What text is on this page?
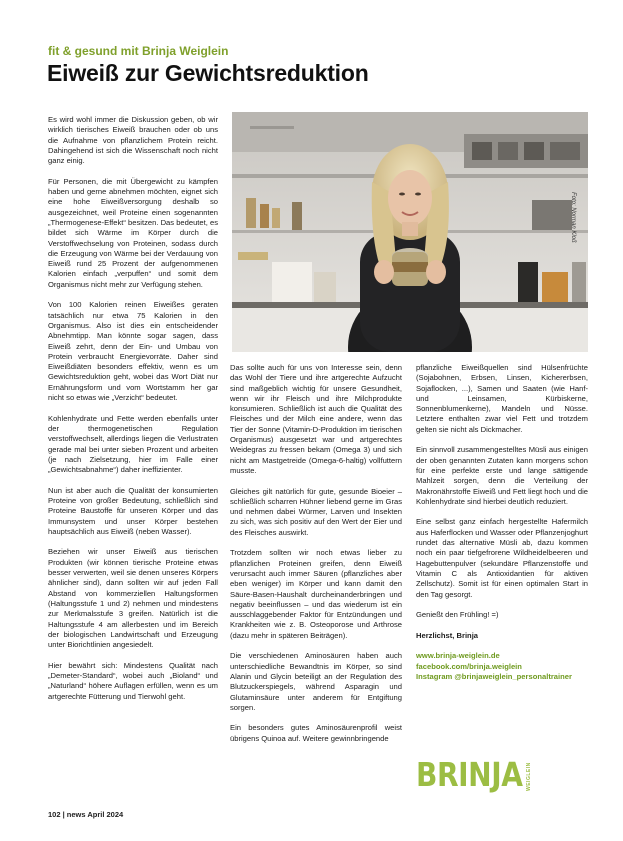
fit & gesund mit Brinja Weiglein
Eiweiß zur Gewichtsreduktion

Es wird wohl immer die Diskussion geben, ob wir wirklich tierisches Eiweiß brauchen oder ob uns die Aufnahme von pflanzlichem Protein reicht. Dahingehend ist sich die Wissenschaft noch nicht ganz einig.

Für Personen, die mit Übergewicht zu kämpfen haben und gerne abnehmen möchten, eignet sich eine hohe Eiweißversorgung deshalb so ausgezeichnet, weil Proteine einen sogenannten „Thermogenese-Effekt“ besitzen. Das bedeutet, es bildet sich Wärme im Körper durch die Verstoffwechselung von Proteinen, sodass durch die Erzeugung von Wärme bei der Verdauung von Eiweiß rund 25 Prozent der aufgenommenen Kalorien einfach „verpuffen“ und somit dem Organismus nicht mehr zur Verfügung stehen.

Von 100 Kalorien reinen Eiweißes geraten tatsächlich nur etwa 75 Kalorien in den Organismus. Also ist dies ein entscheidender Abnehmtipp. Man könnte sogar sagen, dass Eiweiß zehrt, denn der Ein- und Umbau von Protein verbraucht Energievorräte. Daher sind Eiweißdiäten besonders effektiv, wenn es um Gewichtsreduktion geht, wobei das Wort Diät nur Ernährungsform und vom Wortstamm her gar nicht so etwas wie „Verzicht“ bedeutet.

Kohlenhydrate und Fette werden ebenfalls unter der thermogenetischen Regulation verstoffwechselt, allerdings liegen die Verlustraten gerade mal bei unter sieben Prozent und arbeiten (je nach Zielsetzung, hier im Falle einer „Gewichtsabnahme“) daher ineffizienter.

Nun ist aber auch die Qualität der konsumierten Proteine von großer Bedeutung, schließlich sind Proteine Baustoffe für unseren Körper und das Immunsystem und unser Körper bestehen hauptsächlich aus Eiweiß (neben Wasser).

Beziehen wir unser Eiweiß aus tierischen Produkten (wir können tierische Proteine etwas besser verwerten, weil sie denen unseres Körpers ähnlicher sind), dann sollten wir auf jeden Fall Abstand von kommerziellen Haltungsformen (Haltungsstufe 1 und 2) nehmen und mindestens zur Merkmalsstufe 3 greifen. Natürlich ist die Haltungsstufe 4 am allerbesten und im Bereich der biologischen Landwirtschaft und Erzeugung unter Biorichtlinien angesiedelt.

Hier bewährt sich: Mindestens Qualität nach „Demeter-Standard“, wobei auch „Bioland“ und „Naturland“ höhere Auflagen erfüllen, wenn es um artgerechte Fütterung und Tierwohl geht.

Foto: Norman Kloß

Das sollte auch für uns von Interesse sein, denn das Wohl der Tiere und ihre artgerechte Aufzucht sind maßgeblich wichtig für unsere Gesundheit, wenn wir ihr Fleisch und ihre Milchprodukte konsumieren. Schließlich ist auch die Qualität des Fleisches und der Milch eine andere, wenn das Tier der Sonne (Vitamin-D-Produktion im tierischen Organismus) ausgesetzt war und artgerechtes Weidegras zu fressen bekam (Omega 3) und sich nicht am Mastgetreide (Omega-6-haltig) vollfuttern musste.

Gleiches gilt natürlich für gute, gesunde Bioeier – schließlich scharren Hühner liebend gerne im Gras und nehmen dabei Würmer, Larven und Insekten zu sich, was sich positiv auf den Wert der Eier und des Fleisches auswirkt.

Trotzdem sollten wir noch etwas lieber zu pflanzlichen Proteinen greifen, denn Eiweiß verursacht auch immer Säuren (pflanzliches aber eben weniger) im Körper und kann damit den Säure-Basen-Haushalt durcheinanderbringen und negativ beeinflussen – und das wiederum ist ein ausschlaggebender Faktor für Entzündungen und Krankheiten wie z. B. Osteoporose und Arthrose (dazu mehr in späteren Beiträgen).

Die verschiedenen Aminosäuren haben auch unterschiedliche Bewandtnis im Körper, so sind Alanin und Glycin beteiligt an der Regulation des Blutzuckerspiegels, während Asparagin und Glutaminsäure unter anderem für Entgiftung sorgen.

Ein besonders gutes Aminosäurenprofil weist übrigens Quinoa auf. Weitere gewinnbringende

pflanzliche Eiweißquellen sind Hülsenfrüchte (Sojabohnen, Erbsen, Linsen, Kichererbsen, Sojaflocken, ...), Samen und Saaten (wie Hanf- und Leinsamen, Kürbiskerne, Sonnenblumenkerne), Mandeln und Nüsse. Letztere enthalten zwar viel Fett und trotzdem gelten sie nicht als Dickmacher.

Ein sinnvoll zusammengestelltes Müsli aus einigen der oben genannten Zutaten kann morgens schon für eine perfekte erste und lange sättigende Mahlzeit sorgen, denn die Verteilung der Makronährstoffe Eiweiß und Fett liegt hoch und die Kohlenhydrate sind hierbei deutlich reduziert.

Eine selbst ganz einfach hergestellte Hafermilch aus Haferflocken und Wasser oder Pflanzenjoghurt rundet das alternative Müsli ab, dazu kommen noch ein paar tiefgefrorene Wildheidelbeeren und Hagebuttenpulver (sekundäre Pflanzenstoffe und Vitamin C als Antioxidantien für aktiven Zellschutz). Somit ist für einen optimalen Start in den Tag gesorgt.

Genießt den Frühling! =)

Herzlichst, Brinja

www.brinja-weiglein.de
facebook.com/brinja.weiglein
Instagram @brinjaweiglein_personaltrainer
BRINJA WEIGLEIN
102 | news April 2024
